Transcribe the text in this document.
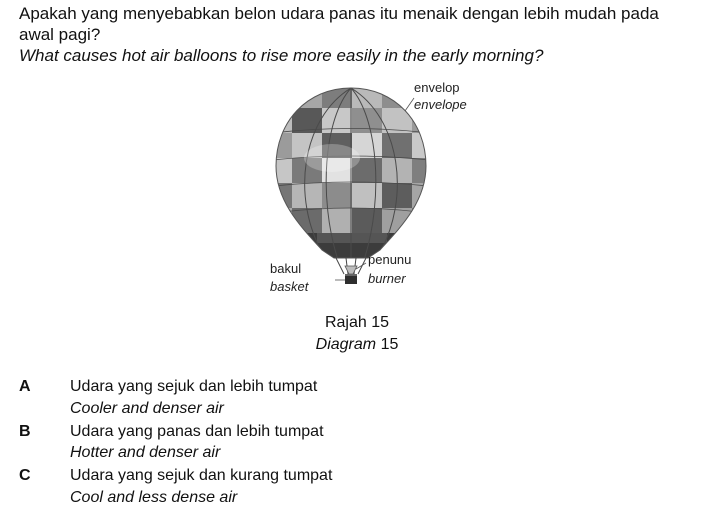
Apakah yang menyebabkan belon udara panas itu menaik dengan lebih mudah pada
awal pagi?
What causes hot air balloons to rise more easily in the early morning?
envelop
envelope
bakul
basket
penunu
burner
Rajah 15
Diagram 15
A Udara yang sejuk dan lebih tumpat
Cooler and denser air
B Udara yang panas dan lebih tumpat
Hotter and denser air
C Udara yang sejuk dan kurang tumpat
Cool and less dense air
